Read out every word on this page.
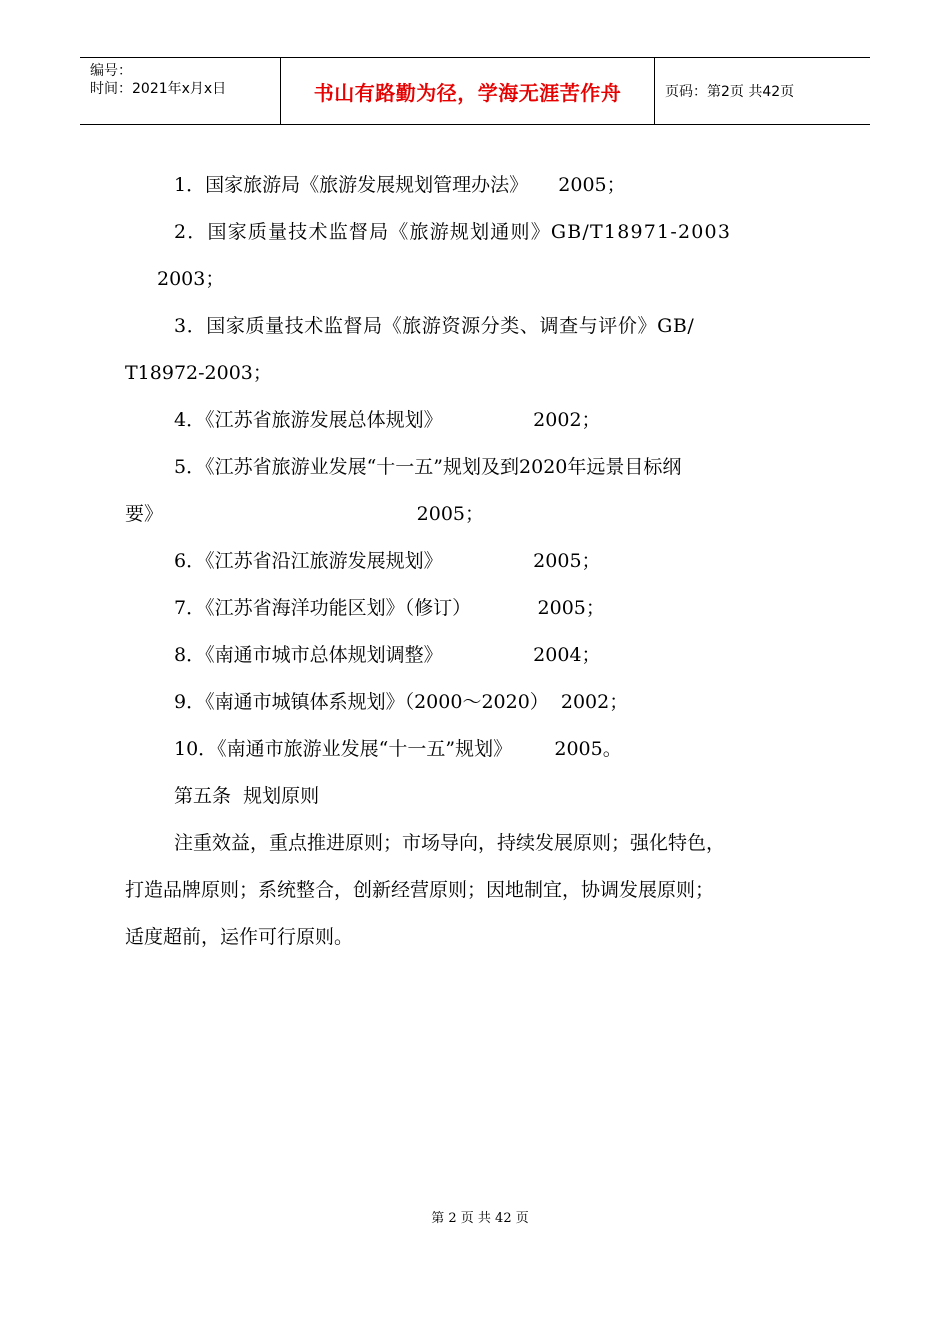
编号：
时间：2021年x月x日	书山有路勤为径，学海无涯苦作舟	页码：第2页 共42页
1．国家旅游局《旅游发展规划管理办法》     2005；
2．国家质量技术监督局《旅游规划通则》GB/T18971-2003
2003；
3．国家质量技术监督局《旅游资源分类、调查与评价》GB/
T18972-2003；
4．《江苏省旅游发展总体规划》               2002；
5．《江苏省旅游业发展“十一五”规划及到2020年远景目标纲
要》                                          2005；
6．《江苏省沿江旅游发展规划》               2005；
7．《江苏省海洋功能区划》（修订）           2005；
8．《南通市城市总体规划调整》               2004；
9．《南通市城镇体系规划》（2000～2020）  2002；
10．《南通市旅游业发展“十一五”规划》       2005。
第五条  规划原则
注重效益，重点推进原则；市场导向，持续发展原则；强化特色，
打造品牌原则；系统整合，创新经营原则；因地制宜，协调发展原则；
适度超前，运作可行原则。
第 2 页 共 42 页
